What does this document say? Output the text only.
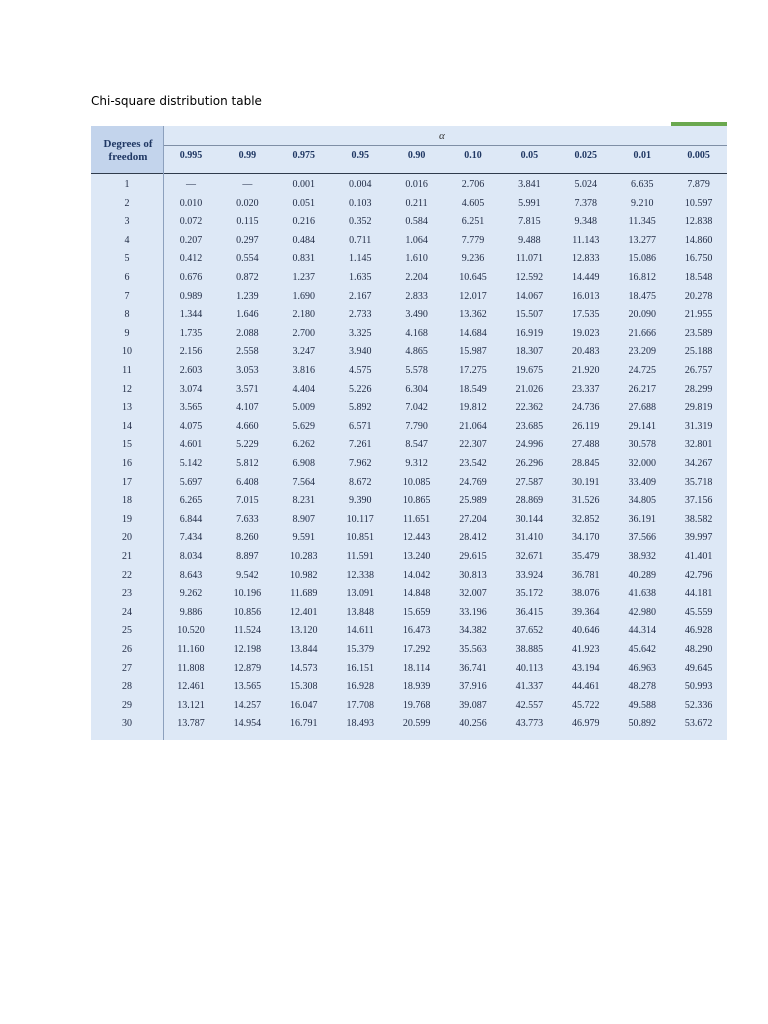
Chi-square distribution table
Degrees of freedom
α
0.995	0.99	0.975	0.95	0.90	0.10	0.05	0.025	0.01	0.005
1	—	—	0.001	0.004	0.016	2.706	3.841	5.024	6.635	7.879
2	0.010	0.020	0.051	0.103	0.211	4.605	5.991	7.378	9.210	10.597
3	0.072	0.115	0.216	0.352	0.584	6.251	7.815	9.348	11.345	12.838
4	0.207	0.297	0.484	0.711	1.064	7.779	9.488	11.143	13.277	14.860
5	0.412	0.554	0.831	1.145	1.610	9.236	11.071	12.833	15.086	16.750
6	0.676	0.872	1.237	1.635	2.204	10.645	12.592	14.449	16.812	18.548
7	0.989	1.239	1.690	2.167	2.833	12.017	14.067	16.013	18.475	20.278
8	1.344	1.646	2.180	2.733	3.490	13.362	15.507	17.535	20.090	21.955
9	1.735	2.088	2.700	3.325	4.168	14.684	16.919	19.023	21.666	23.589
10	2.156	2.558	3.247	3.940	4.865	15.987	18.307	20.483	23.209	25.188
11	2.603	3.053	3.816	4.575	5.578	17.275	19.675	21.920	24.725	26.757
12	3.074	3.571	4.404	5.226	6.304	18.549	21.026	23.337	26.217	28.299
13	3.565	4.107	5.009	5.892	7.042	19.812	22.362	24.736	27.688	29.819
14	4.075	4.660	5.629	6.571	7.790	21.064	23.685	26.119	29.141	31.319
15	4.601	5.229	6.262	7.261	8.547	22.307	24.996	27.488	30.578	32.801
16	5.142	5.812	6.908	7.962	9.312	23.542	26.296	28.845	32.000	34.267
17	5.697	6.408	7.564	8.672	10.085	24.769	27.587	30.191	33.409	35.718
18	6.265	7.015	8.231	9.390	10.865	25.989	28.869	31.526	34.805	37.156
19	6.844	7.633	8.907	10.117	11.651	27.204	30.144	32.852	36.191	38.582
20	7.434	8.260	9.591	10.851	12.443	28.412	31.410	34.170	37.566	39.997
21	8.034	8.897	10.283	11.591	13.240	29.615	32.671	35.479	38.932	41.401
22	8.643	9.542	10.982	12.338	14.042	30.813	33.924	36.781	40.289	42.796
23	9.262	10.196	11.689	13.091	14.848	32.007	35.172	38.076	41.638	44.181
24	9.886	10.856	12.401	13.848	15.659	33.196	36.415	39.364	42.980	45.559
25	10.520	11.524	13.120	14.611	16.473	34.382	37.652	40.646	44.314	46.928
26	11.160	12.198	13.844	15.379	17.292	35.563	38.885	41.923	45.642	48.290
27	11.808	12.879	14.573	16.151	18.114	36.741	40.113	43.194	46.963	49.645
28	12.461	13.565	15.308	16.928	18.939	37.916	41.337	44.461	48.278	50.993
29	13.121	14.257	16.047	17.708	19.768	39.087	42.557	45.722	49.588	52.336
30	13.787	14.954	16.791	18.493	20.599	40.256	43.773	46.979	50.892	53.672
